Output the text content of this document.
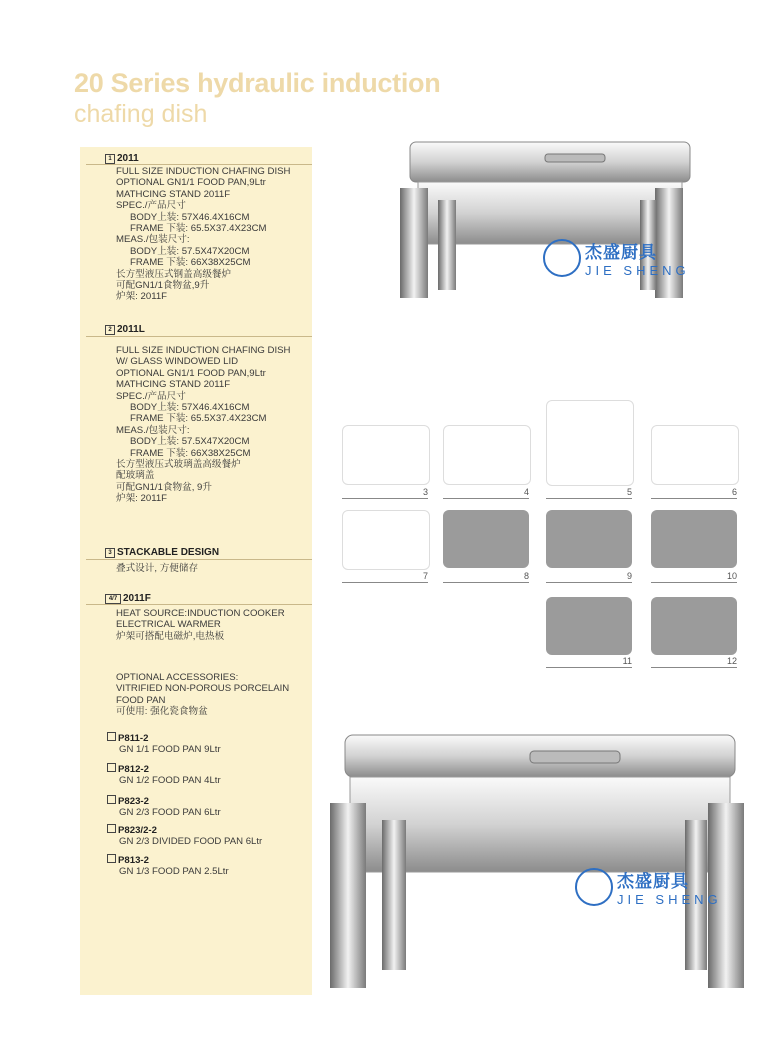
20 Series hydraulic induction
chafing dish
1 2011
FULL SIZE INDUCTION CHAFING DISH
OPTIONAL GN1/1 FOOD PAN,9Ltr
MATHCING STAND 2011F
SPEC./产品尺寸
BODY上装: 57X46.4X16CM
FRAME 下装: 65.5X37.4X23CM
MEAS./包装尺寸:
BODY上装: 57.5X47X20CM
FRAME 下装: 66X38X25CM
长方型液压式钢盖高级餐炉
可配GN1/1食物盆,9升
炉架: 2011F
2 2011L
FULL SIZE INDUCTION CHAFING DISH
W/ GLASS WINDOWED LID
OPTIONAL GN1/1 FOOD PAN,9Ltr
MATHCING STAND 2011F
SPEC./产品尺寸
BODY上装: 57X46.4X16CM
FRAME 下装: 65.5X37.4X23CM
MEAS./包装尺寸:
BODY上装: 57.5X47X20CM
FRAME 下装: 66X38X25CM
长方型液压式玻璃盖高级餐炉
配玻璃盖
可配GN1/1食物盆, 9升
炉架: 2011F
3 STACKABLE DESIGN
叠式设计, 方便储存
4/7 2011F
HEAT SOURCE:INDUCTION COOKER
ELECTRICAL WARMER
炉架可搭配电磁炉,电热板
OPTIONAL ACCESSORIES:
VITRIFIED NON-POROUS PORCELAIN
FOOD PAN
可使用: 强化瓷食物盆
P811-2
GN 1/1 FOOD PAN 9Ltr
P812-2
GN 1/2 FOOD PAN 4Ltr
P823-2
GN 2/3 FOOD PAN 6Ltr
P823/2-2
GN 2/3 DIVIDED FOOD PAN 6Ltr
P813-2
GN 1/3 FOOD PAN 2.5Ltr
杰盛厨具
JIE SHENG
3	4	5	6
7	8	9	10
11	12
杰盛厨具
JIE SHENG
